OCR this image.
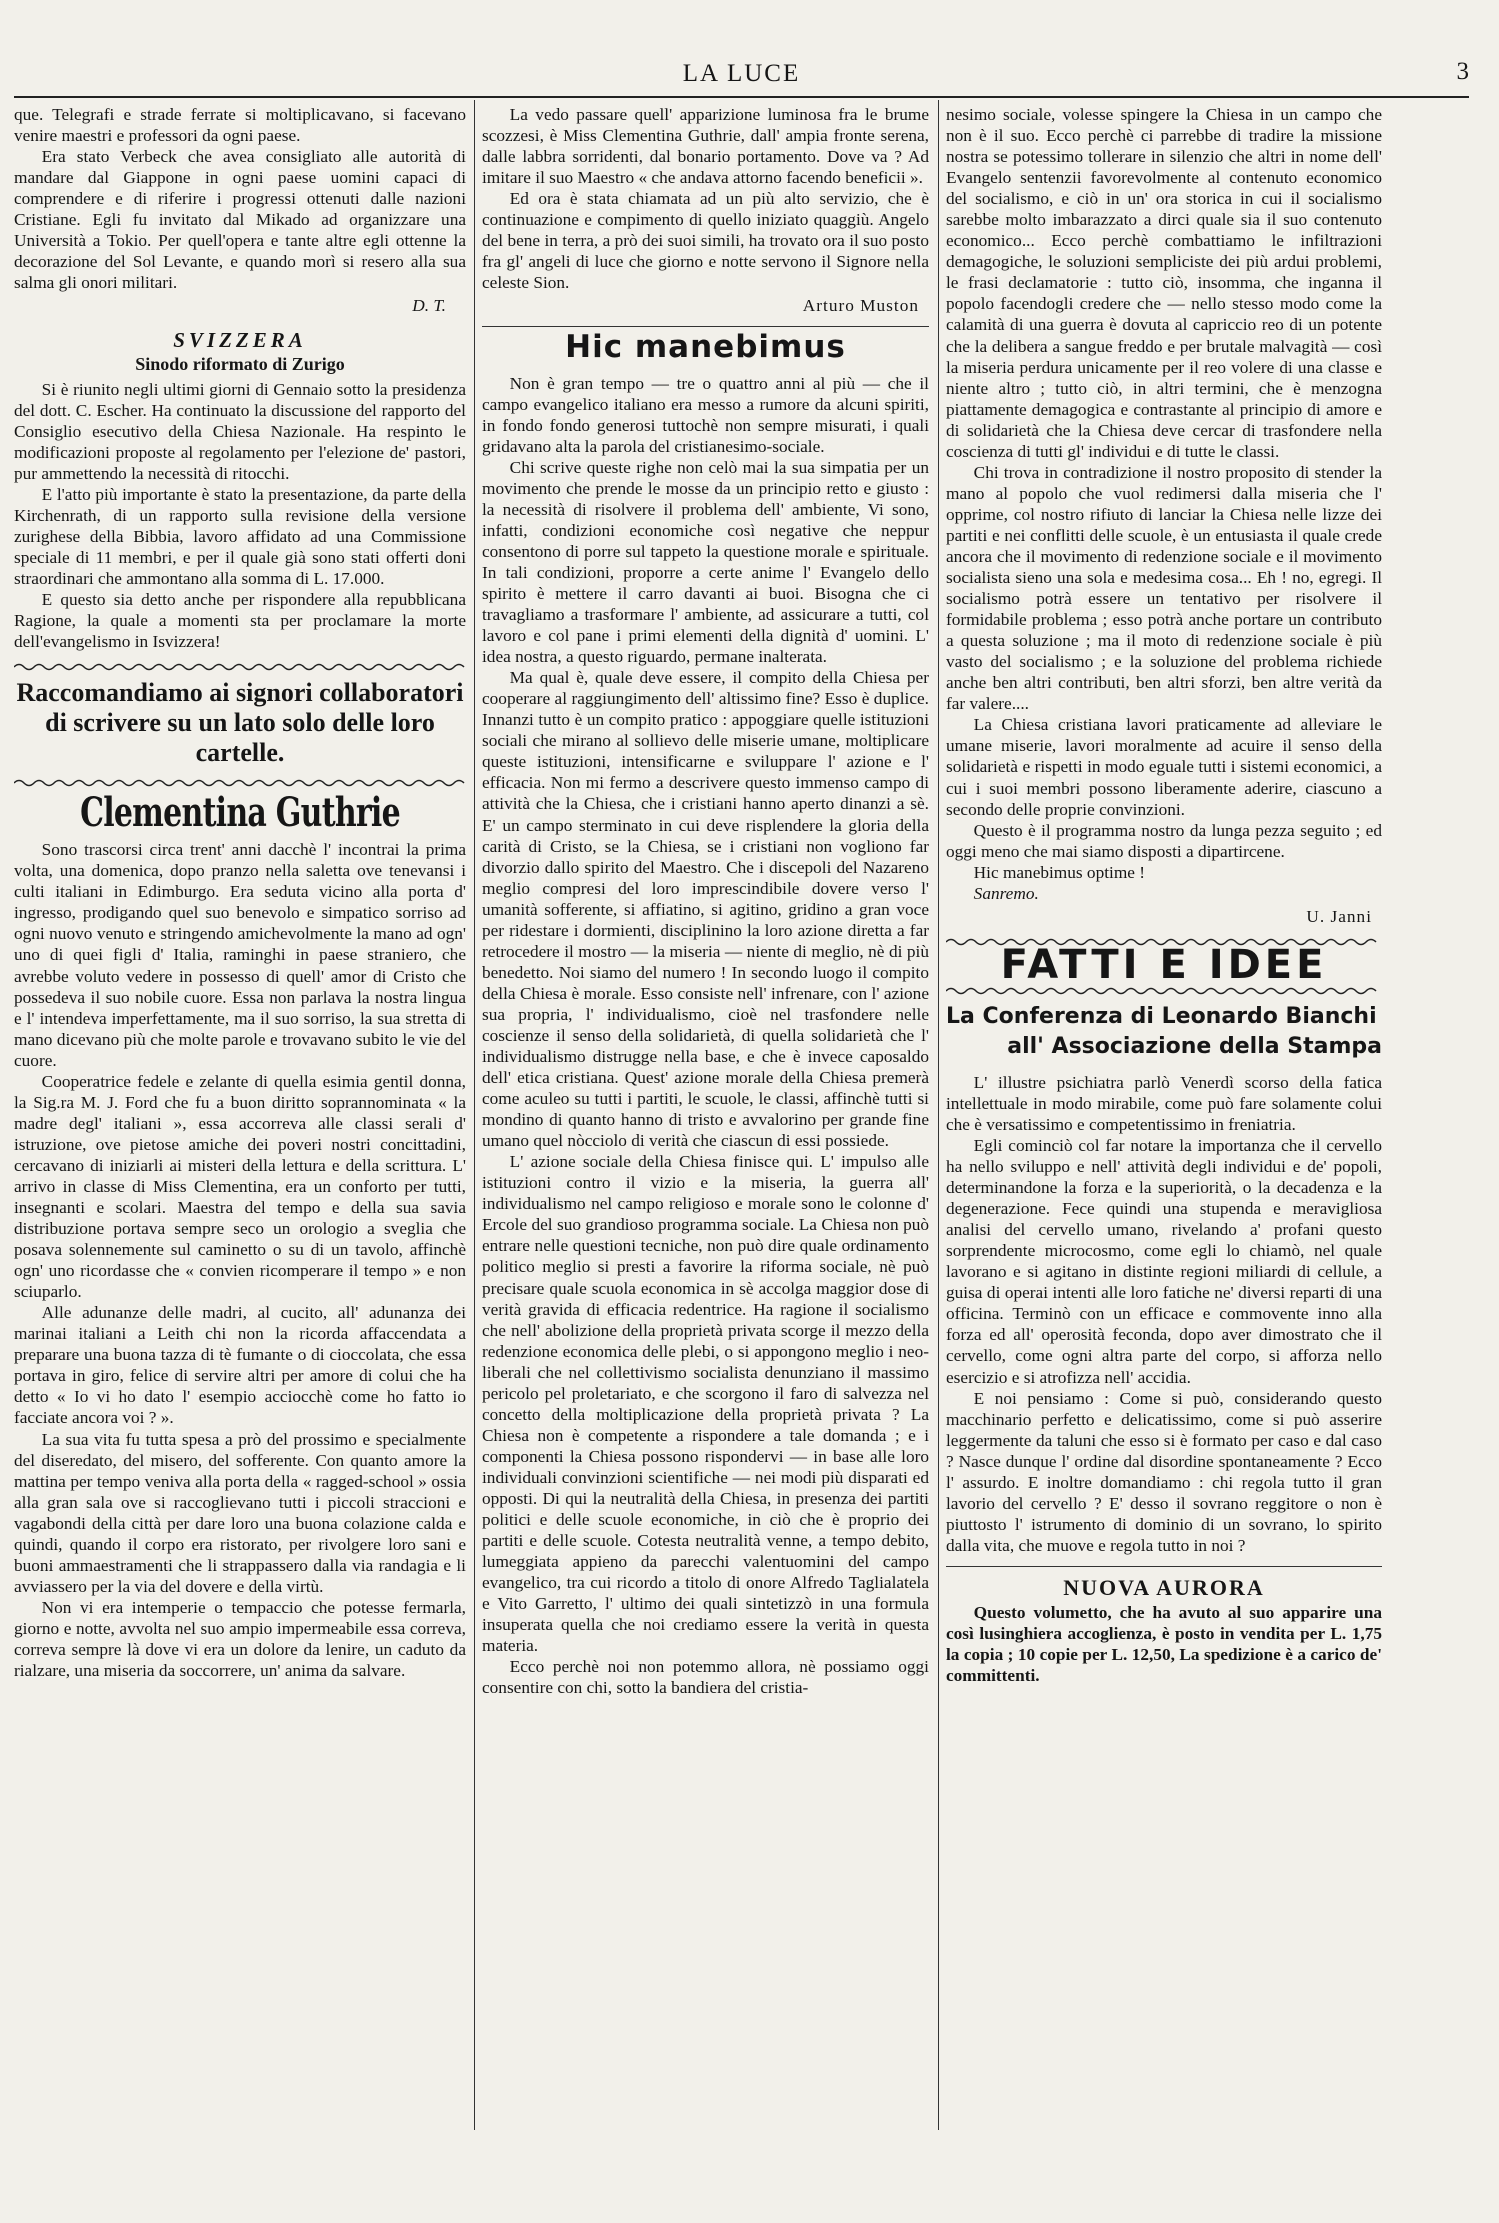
LA LUCE	3

que. Telegrafi e strade ferrate si moltiplicavano, si facevano venire maestri e professori da ogni paese.

Era stato Verbeck che avea consigliato alle autorità di mandare dal Giappone in ogni paese uomini capaci di comprendere e di riferire i progressi ottenuti dalle nazioni Cristiane. Egli fu invitato dal Mikado ad organizzare una Università a Tokio. Per quell'opera e tante altre egli ottenne la decorazione del Sol Levante, e quando morì si resero alla sua salma gli onori militari.

D. T.
SVIZZERA
Sinodo riformato di Zurigo

Si è riunito negli ultimi giorni di Gennaio sotto la presidenza del dott. C. Escher. Ha continuato la discussione del rapporto del Consiglio esecutivo della Chiesa Nazionale. Ha respinto le modificazioni proposte al regolamento per l'elezione de' pastori, pur ammettendo la necessità di ritocchi.

E l'atto più importante è stato la presentazione, da parte della Kirchenrath, di un rapporto sulla revisione della versione zurighese della Bibbia, lavoro affidato ad una Commissione speciale di 11 membri, e per il quale già sono stati offerti doni straordinari che ammontano alla somma di L. 17.000.

E questo sia detto anche per rispondere alla repubblicana Ragione, la quale a momenti sta per proclamare la morte dell'evangelismo in Isvizzera!

Raccomandiamo ai signori collaboratori di scrivere su un lato solo delle loro cartelle.
Clementina Guthrie

Sono trascorsi circa trent' anni dacchè l' incontrai la prima volta, una domenica, dopo pranzo nella saletta ove tenevansi i culti italiani in Edimburgo. Era seduta vicino alla porta d' ingresso, prodigando quel suo benevolo e simpatico sorriso ad ogni nuovo venuto e stringendo amichevolmente la mano ad ogn' uno di quei figli d' Italia, raminghi in paese straniero, che avrebbe voluto vedere in possesso di quell' amor di Cristo che possedeva il suo nobile cuore. Essa non parlava la nostra lingua e l' intendeva imperfettamente, ma il suo sorriso, la sua stretta di mano dicevano più che molte parole e trovavano subito le vie del cuore.

Cooperatrice fedele e zelante di quella esimia gentil donna, la Sig.ra M. J. Ford che fu a buon diritto soprannominata « la madre degl' italiani », essa accorreva alle classi serali d' istruzione, ove pietose amiche dei poveri nostri concittadini, cercavano di iniziarli ai misteri della lettura e della scrittura. L' arrivo in classe di Miss Clementina, era un conforto per tutti, insegnanti e scolari. Maestra del tempo e della sua savia distribuzione portava sempre seco un orologio a sveglia che posava solennemente sul caminetto o su di un tavolo, affinchè ogn' uno ricordasse che « convien ricomperare il tempo » e non sciuparlo.

Alle adunanze delle madri, al cucito, all' adunanza dei marinai italiani a Leith chi non la ricorda affaccendata a preparare una buona tazza di tè fumante o di cioccolata, che essa portava in giro, felice di servire altri per amore di colui che ha detto « Io vi ho dato l' esempio acciocchè come ho fatto io facciate ancora voi ? ».

La sua vita fu tutta spesa a prò del prossimo e specialmente del diseredato, del misero, del sofferente. Con quanto amore la mattina per tempo veniva alla porta della « ragged-school » ossia alla gran sala ove si raccoglievano tutti i piccoli straccioni e vagabondi della città per dare loro una buona colazione calda e quindi, quando il corpo era ristorato, per rivolgere loro sani e buoni ammaestramenti che li strappassero dalla via randagia e li avviassero per la via del dovere e della virtù.

Non vi era intemperie o tempaccio che potesse fermarla, giorno e notte, avvolta nel suo ampio impermeabile essa correva, correva sempre là dove vi era un dolore da lenire, un caduto da rialzare, una miseria da soccorrere, un' anima da salvare.

La vedo passare quell' apparizione luminosa fra le brume scozzesi, è Miss Clementina Guthrie, dall' ampia fronte serena, dalle labbra sorridenti, dal bonario portamento. Dove va ? Ad imitare il suo Maestro « che andava attorno facendo beneficii ».

Ed ora è stata chiamata ad un più alto servizio, che è continuazione e compimento di quello iniziato quaggiù. Angelo del bene in terra, a prò dei suoi simili, ha trovato ora il suo posto fra gl' angeli di luce che giorno e notte servono il Signore nella celeste Sion.

Arturo Muston
Hic manebimus

Non è gran tempo — tre o quattro anni al più — che il campo evangelico italiano era messo a rumore da alcuni spiriti, in fondo fondo generosi tuttochè non sempre misurati, i quali gridavano alta la parola del cristianesimo-sociale.

Chi scrive queste righe non celò mai la sua simpatia per un movimento che prende le mosse da un principio retto e giusto : la necessità di risolvere il problema dell' ambiente, Vi sono, infatti, condizioni economiche così negative che neppur consentono di porre sul tappeto la questione morale e spirituale. In tali condizioni, proporre a certe anime l' Evangelo dello spirito è mettere il carro davanti ai buoi. Bisogna che ci travagliamo a trasformare l' ambiente, ad assicurare a tutti, col lavoro e col pane i primi elementi della dignità d' uomini. L' idea nostra, a questo riguardo, permane inalterata.

Ma qual è, quale deve essere, il compito della Chiesa per cooperare al raggiungimento dell' altissimo fine? Esso è duplice. Innanzi tutto è un compito pratico : appoggiare quelle istituzioni sociali che mirano al sollievo delle miserie umane, moltiplicare queste istituzioni, intensificarne e sviluppare l' azione e l' efficacia. Non mi fermo a descrivere questo immenso campo di attività che la Chiesa, che i cristiani hanno aperto dinanzi a sè. E' un campo sterminato in cui deve risplendere la gloria della carità di Cristo, se la Chiesa, se i cristiani non vogliono far divorzio dallo spirito del Maestro. Che i discepoli del Nazareno meglio compresi del loro imprescindibile dovere verso l' umanità sofferente, si affiatino, si agitino, gridino a gran voce per ridestare i dormienti, disciplinino la loro azione diretta a far retrocedere il mostro — la miseria — niente di meglio, nè di più benedetto. Noi siamo del numero ! In secondo luogo il compito della Chiesa è morale. Esso consiste nell' infrenare, con l' azione sua propria, l' individualismo, cioè nel trasfondere nelle coscienze il senso della solidarietà, di quella solidarietà che l' individualismo distrugge nella base, e che è invece caposaldo dell' etica cristiana. Quest' azione morale della Chiesa premerà come aculeo su tutti i partiti, le scuole, le classi, affinchè tutti si mondino di quanto hanno di tristo e avvalorino per grande fine umano quel nòcciolo di verità che ciascun di essi possiede.

L' azione sociale della Chiesa finisce qui. L' impulso alle istituzioni contro il vizio e la miseria, la guerra all' individualismo nel campo religioso e morale sono le colonne d' Ercole del suo grandioso programma sociale. La Chiesa non può entrare nelle questioni tecniche, non può dire quale ordinamento politico meglio si presti a favorire la riforma sociale, nè può precisare quale scuola economica in sè accolga maggior dose di verità gravida di efficacia redentrice. Ha ragione il socialismo che nell' abolizione della proprietà privata scorge il mezzo della redenzione economica delle plebi, o si appongono meglio i neo-liberali che nel collettivismo socialista denunziano il massimo pericolo pel proletariato, e che scorgono il faro di salvezza nel concetto della moltiplicazione della proprietà privata ? La Chiesa non è competente a rispondere a tale domanda ; e i componenti la Chiesa possono rispondervi — in base alle loro individuali convinzioni scientifiche — nei modi più disparati ed opposti. Di qui la neutralità della Chiesa, in presenza dei partiti politici e delle scuole economiche, in ciò che è proprio dei partiti e delle scuole. Cotesta neutralità venne, a tempo debito, lumeggiata appieno da parecchi valentuomini del campo evangelico, tra cui ricordo a titolo di onore Alfredo Taglialatela e Vito Garretto, l' ultimo dei quali sintetizzò in una formula insuperata quella che noi crediamo essere la verità in questa materia.

Ecco perchè noi non potemmo allora, nè possiamo oggi consentire con chi, sotto la bandiera del cristia-

nesimo sociale, volesse spingere la Chiesa in un campo che non è il suo. Ecco perchè ci parrebbe di tradire la missione nostra se potessimo tollerare in silenzio che altri in nome dell' Evangelo sentenzii favorevolmente al contenuto economico del socialismo, e ciò in un' ora storica in cui il socialismo sarebbe molto imbarazzato a dirci quale sia il suo contenuto economico... Ecco perchè combattiamo le infiltrazioni demagogiche, le soluzioni sempliciste dei più ardui problemi, le frasi declamatorie : tutto ciò, insomma, che inganna il popolo facendogli credere che — nello stesso modo come la calamità di una guerra è dovuta al capriccio reo di un potente che la delibera a sangue freddo e per brutale malvagità — così la miseria perdura unicamente per il reo volere di una classe e niente altro ; tutto ciò, in altri termini, che è menzogna piattamente demagogica e contrastante al principio di amore e di solidarietà che la Chiesa deve cercar di trasfondere nella coscienza di tutti gl' individui e di tutte le classi.

Chi trova in contradizione il nostro proposito di stender la mano al popolo che vuol redimersi dalla miseria che l' opprime, col nostro rifiuto di lanciar la Chiesa nelle lizze dei partiti e nei conflitti delle scuole, è un entusiasta il quale crede ancora che il movimento di redenzione sociale e il movimento socialista sieno una sola e medesima cosa... Eh ! no, egregi. Il socialismo potrà essere un tentativo per risolvere il formidabile problema ; esso potrà anche portare un contributo a questa soluzione ; ma il moto di redenzione sociale è più vasto del socialismo ; e la soluzione del problema richiede anche ben altri contributi, ben altri sforzi, ben altre verità da far valere....

La Chiesa cristiana lavori praticamente ad alleviare le umane miserie, lavori moralmente ad acuire il senso della solidarietà e rispetti in modo eguale tutti i sistemi economici, a cui i suoi membri possono liberamente aderire, ciascuno a secondo delle proprie convinzioni.

Questo è il programma nostro da lunga pezza seguito ; ed oggi meno che mai siamo disposti a dipartircene.

Hic manebimus optime !

Sanremo.

U. Janni
FATTI E IDEE
La Conferenza di Leonardo Bianchi
all' Associazione della Stampa

L' illustre psichiatra parlò Venerdì scorso della fatica intellettuale in modo mirabile, come può fare solamente colui che è versatissimo e competentissimo in freniatria.

Egli cominciò col far notare la importanza che il cervello ha nello sviluppo e nell' attività degli individui e de' popoli, determinandone la forza e la superiorità, o la decadenza e la degenerazione. Fece quindi una stupenda e meravigliosa analisi del cervello umano, rivelando a' profani questo sorprendente microcosmo, come egli lo chiamò, nel quale lavorano e si agitano in distinte regioni miliardi di cellule, a guisa di operai intenti alle loro fatiche ne' diversi reparti di una officina. Terminò con un efficace e commovente inno alla forza ed all' operosità feconda, dopo aver dimostrato che il cervello, come ogni altra parte del corpo, si afforza nello esercizio e si atrofizza nell' accidia.

E noi pensiamo : Come si può, considerando questo macchinario perfetto e delicatissimo, come si può asserire leggermente da taluni che esso si è formato per caso e dal caso ? Nasce dunque l' ordine dal disordine spontaneamente ? Ecco l' assurdo. E inoltre domandiamo : chi regola tutto il gran lavorio del cervello ? E' desso il sovrano reggitore o non è piuttosto l' istrumento di dominio di un sovrano, lo spirito dalla vita, che muove e regola tutto in noi ?

NUOVA AURORA

Questo volumetto, che ha avuto al suo apparire una così lusinghiera accoglienza, è posto in vendita per L. 1,75 la copia ; 10 copie per L. 12,50, La spedizione è a carico de' committenti.
